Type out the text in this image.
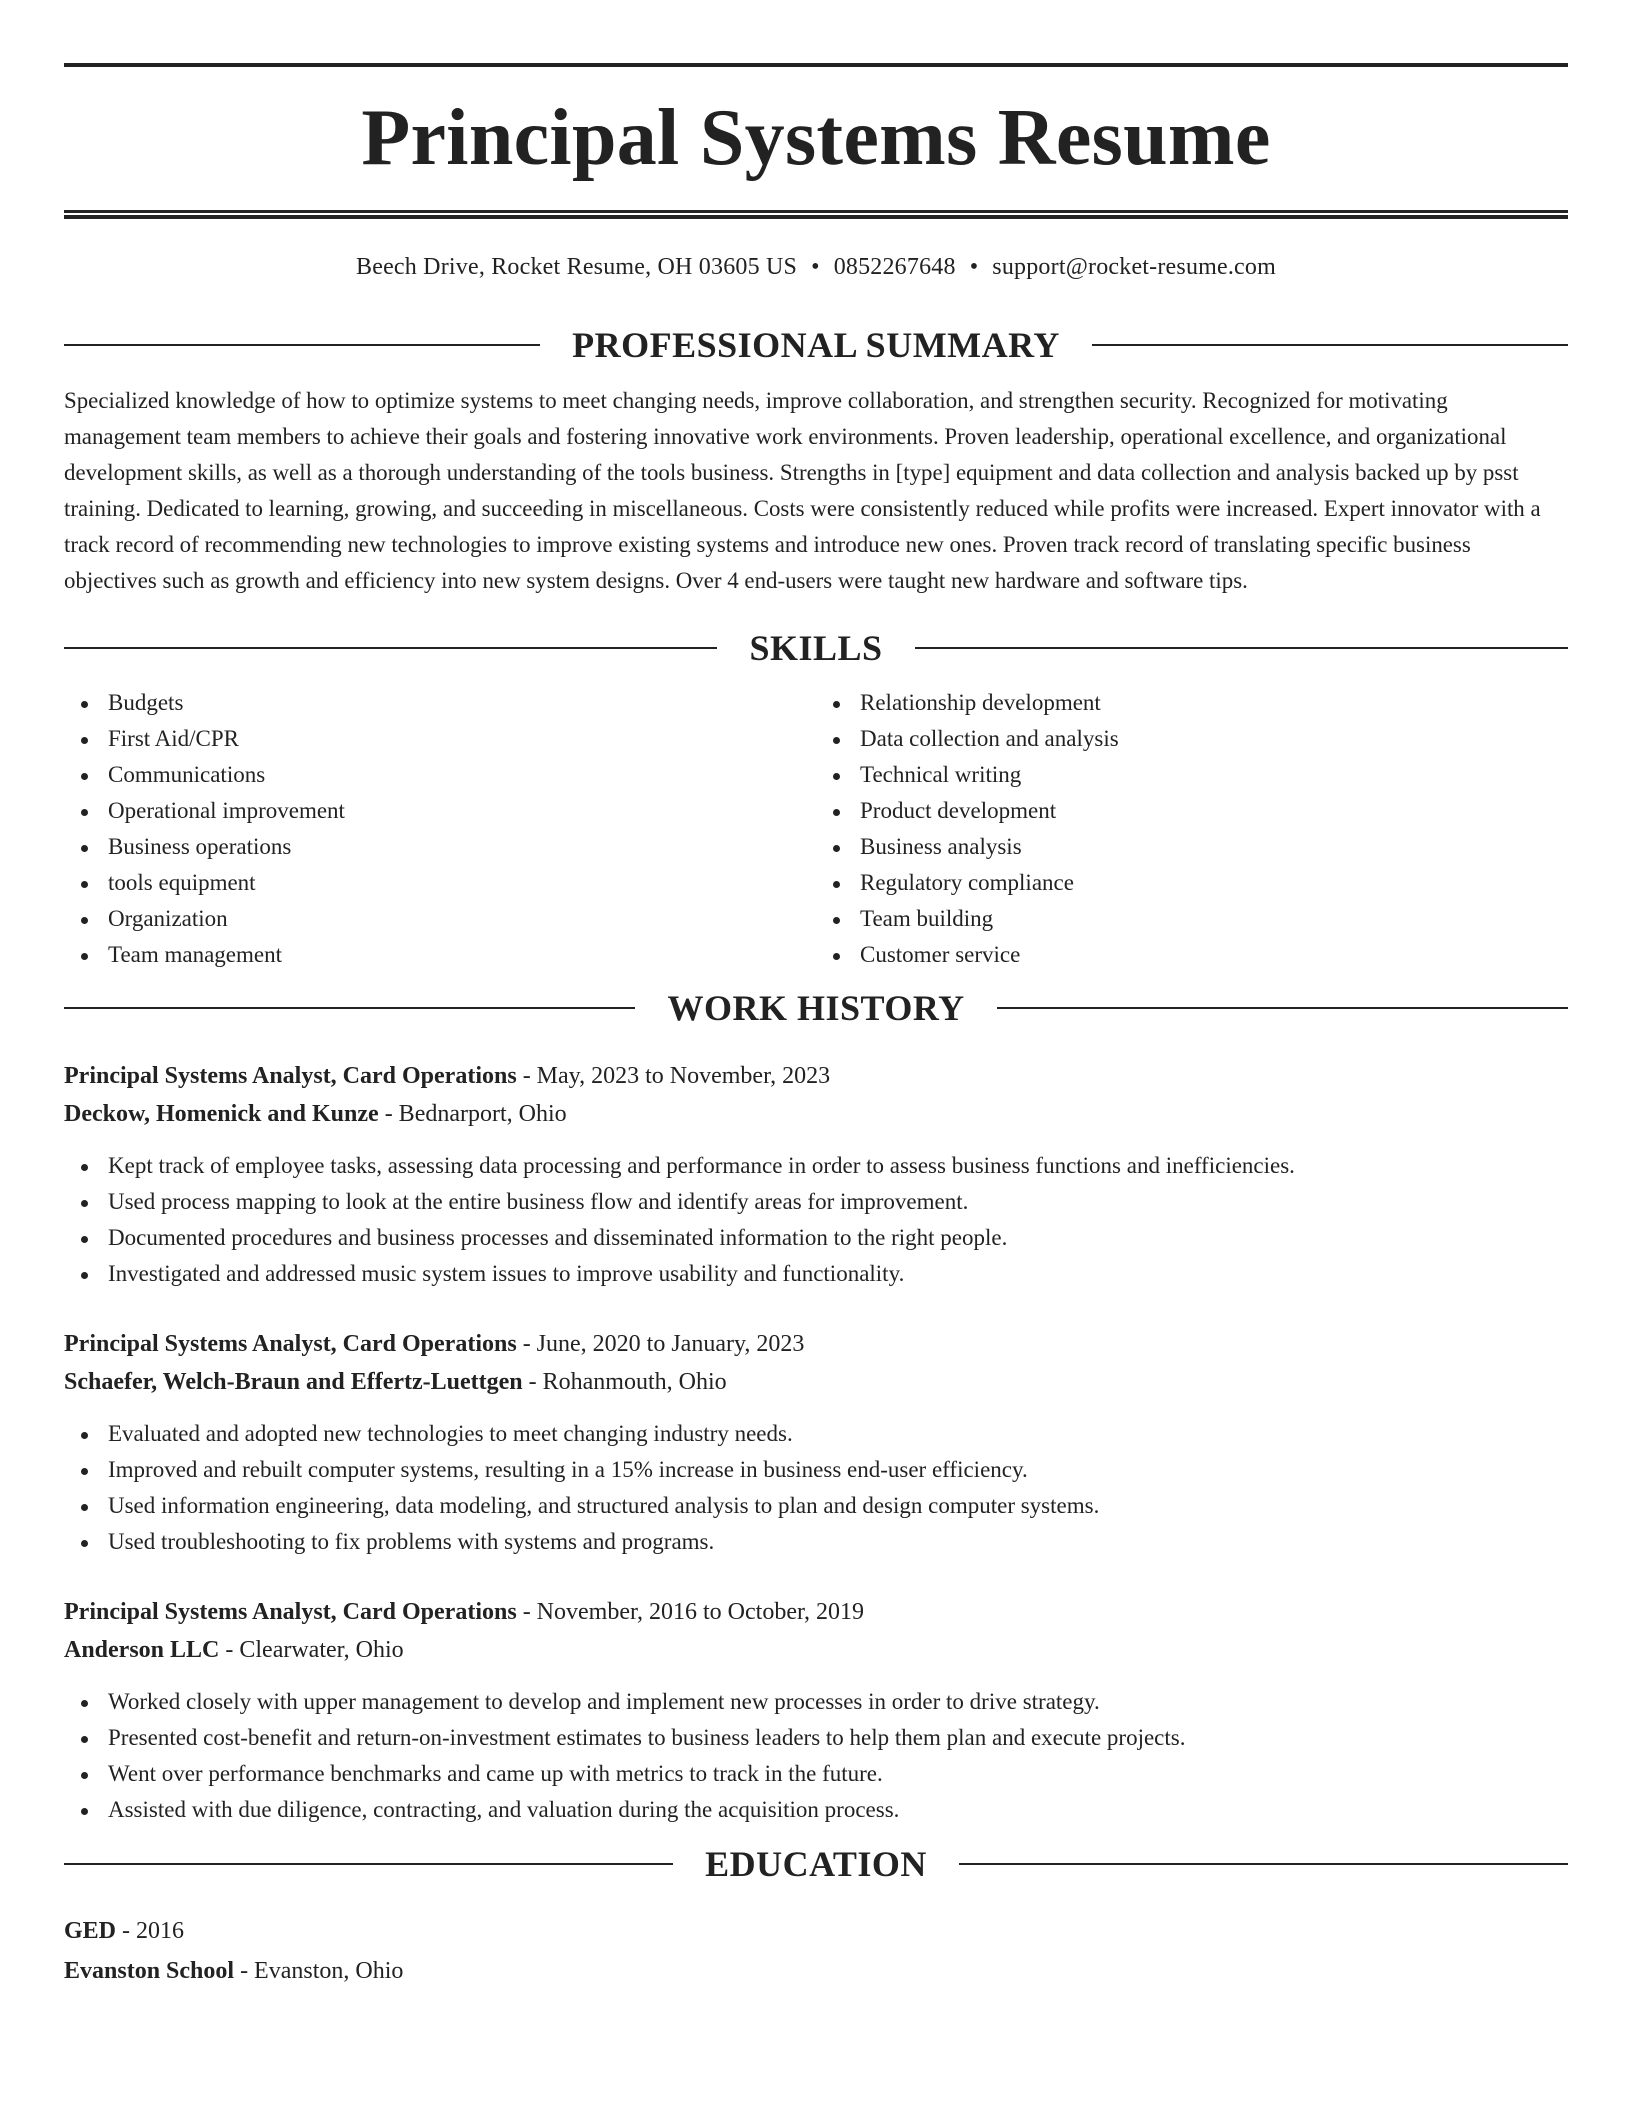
Principal Systems Resume
Beech Drive, Rocket Resume, OH 03605 US • 0852267648 • support@rocket-resume.com
PROFESSIONAL SUMMARY

Specialized knowledge of how to optimize systems to meet changing needs, improve collaboration, and strengthen security. Recognized for motivating management team members to achieve their goals and fostering innovative work environments. Proven leadership, operational excellence, and organizational development skills, as well as a thorough understanding of the tools business. Strengths in [type] equipment and data collection and analysis backed up by psst training. Dedicated to learning, growing, and succeeding in miscellaneous. Costs were consistently reduced while profits were increased. Expert innovator with a track record of recommending new technologies to improve existing systems and introduce new ones. Proven track record of translating specific business objectives such as growth and efficiency into new system designs. Over 4 end-users were taught new hardware and software tips.

SKILLS
Budgets
First Aid/CPR
Communications
Operational improvement
Business operations
tools equipment
Organization
Team management
Relationship development
Data collection and analysis
Technical writing
Product development
Business analysis
Regulatory compliance
Team building
Customer service
WORK HISTORY
Principal Systems Analyst, Card Operations - May, 2023 to November, 2023
Deckow, Homenick and Kunze - Bednarport, Ohio
Kept track of employee tasks, assessing data processing and performance in order to assess business functions and inefficiencies.
Used process mapping to look at the entire business flow and identify areas for improvement.
Documented procedures and business processes and disseminated information to the right people.
Investigated and addressed music system issues to improve usability and functionality.
Principal Systems Analyst, Card Operations - June, 2020 to January, 2023
Schaefer, Welch-Braun and Effertz-Luettgen - Rohanmouth, Ohio
Evaluated and adopted new technologies to meet changing industry needs.
Improved and rebuilt computer systems, resulting in a 15% increase in business end-user efficiency.
Used information engineering, data modeling, and structured analysis to plan and design computer systems.
Used troubleshooting to fix problems with systems and programs.
Principal Systems Analyst, Card Operations - November, 2016 to October, 2019
Anderson LLC - Clearwater, Ohio
Worked closely with upper management to develop and implement new processes in order to drive strategy.
Presented cost-benefit and return-on-investment estimates to business leaders to help them plan and execute projects.
Went over performance benchmarks and came up with metrics to track in the future.
Assisted with due diligence, contracting, and valuation during the acquisition process.
EDUCATION
GED - 2016
Evanston School - Evanston, Ohio
